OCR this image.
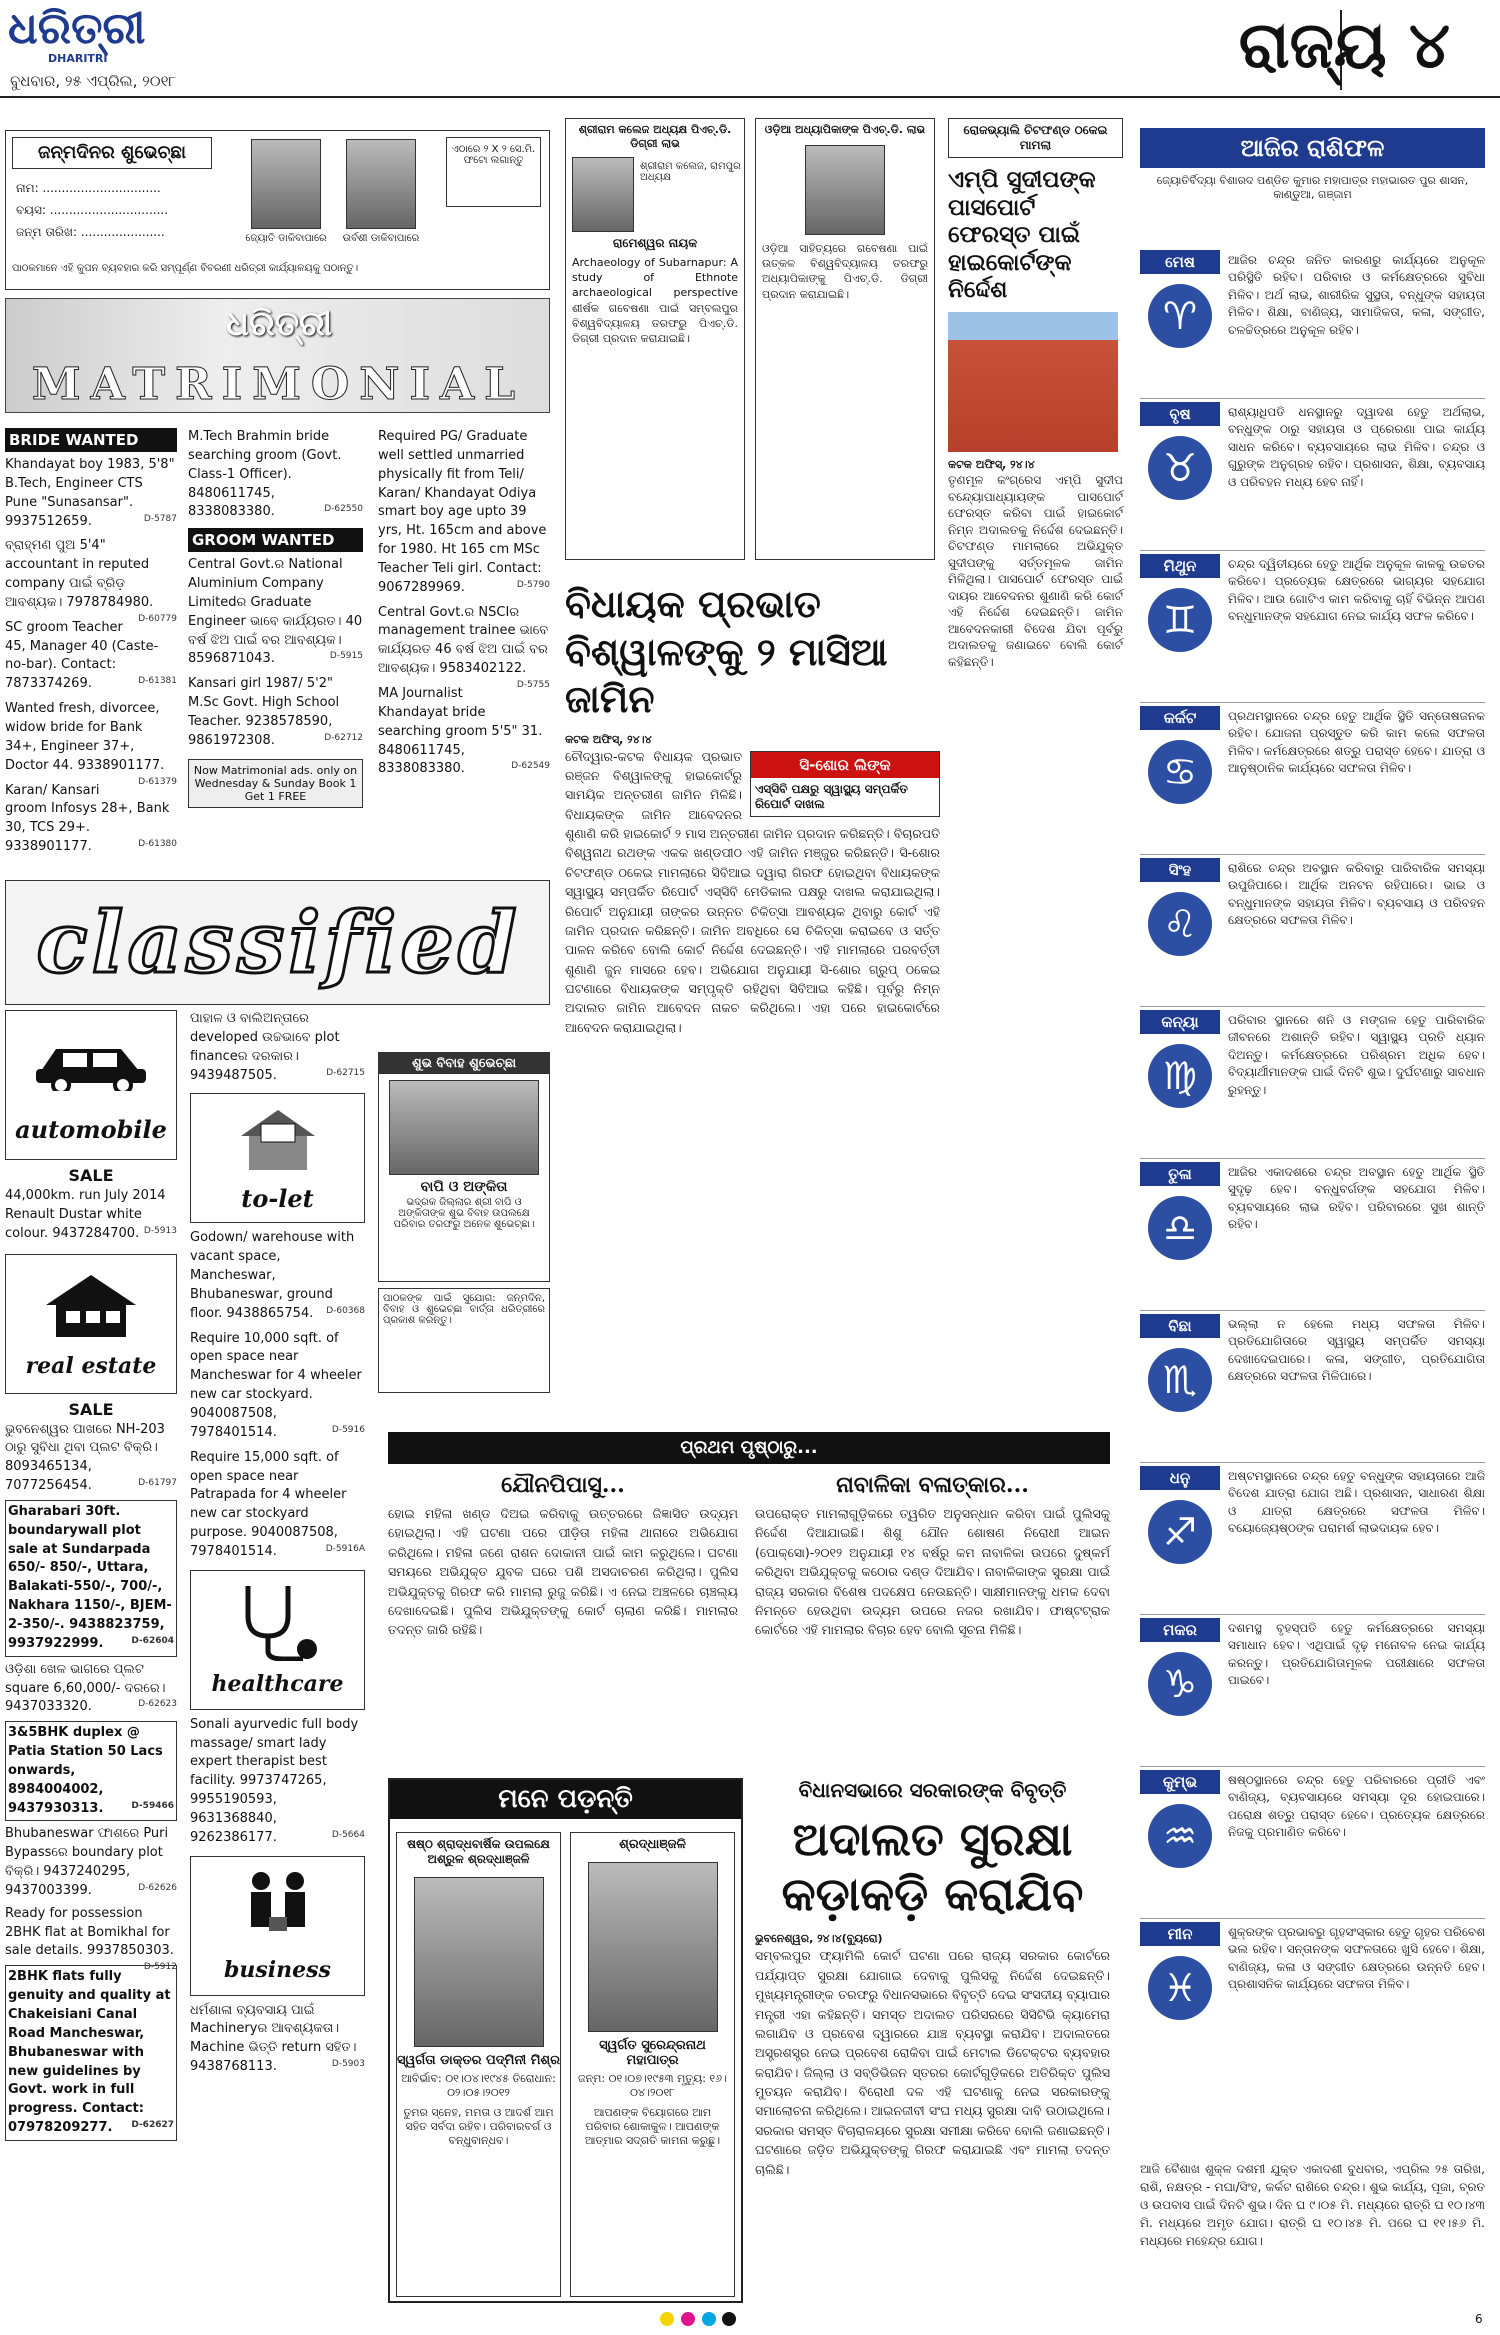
ଧରିତ୍ରୀ
DHARITRI
ବୁଧବାର, ୨୫ ଏପ୍ରିଲ, ୨୦୧୮	ରାଜ୍ୟ ୪
ଜନ୍ମଦିନର ଶୁଭେଚ୍ଛା
ନାମ: ...............................
ବୟସ: ...............................
ଜନ୍ମ ତାରିଖ: ......................	ଜ୍ୟୋତି ଡାକିବାପାରେ	ଉର୍ବଶୀ ଡାକିବାପାରେ
ଏଠାରେ ୨ X ୨ ସେ.ମି. ଫଟୋ ଲଗାନ୍ତୁ
ପାଠକମାନେ ଏହି କୁପନ ବ୍ୟବହାର କରି ସମ୍ପୂର୍ଣ୍ଣ ବିବରଣୀ ଧରିତ୍ରୀ କାର୍ଯ୍ୟାଳୟକୁ ପଠାନ୍ତୁ।
ଧରିତ୍ରୀ
MATRIMONIAL
BRIDE WANTED
Khandayat boy 1983, 5'8" B.Tech, Engineer CTS Pune "Sunasansar". 9937512659.	D-5787
ବ୍ରାହ୍ମଣ ପୁଅ 5'4" accountant in reputed company ପାଇଁ ବ୍ରିଡ଼ ଆବଶ୍ୟକ। 7978784980.
D-60779
SC groom Teacher 45, Manager 40 (Caste-no-bar). Contact: 7873374269.	D-61381
Wanted fresh, divorcee, widow bride for Bank 34+, Engineer 37+, Doctor 44. 9338901177.
D-61379
Karan/ Kansari groom Infosys 28+, Bank 30, TCS 29+. 9338901177.	D-61380
M.Tech Brahmin bride searching groom (Govt. Class-1 Officer). 8480611745, 8338083380.	D-62550
GROOM WANTED
Central Govt.ର National Aluminium Company Limitedର Graduate Engineer ଭାବେ କାର୍ଯ୍ୟରତ। 40 ବର୍ଷ ଝିଅ ପାଇଁ ବର ଆବଶ୍ୟକ। 8596871043.	D-5915
Kansari girl 1987/ 5'2" M.Sc Govt. High School Teacher. 9238578590, 9861972308.	D-62712
Now Matrimonial ads. only on Wednesday & Sunday Book 1 Get 1 FREE
Required PG/ Graduate well settled unmarried physically fit from Teli/ Karan/ Khandayat Odiya smart boy age upto 39 yrs, Ht. 165cm and above for 1980. Ht 165 cm MSc Teacher Teli girl. Contact: 9067289969.	D-5790
Central Govt.ର NSCIର management trainee ଭାବେ କାର୍ଯ୍ୟରତ 46 ବର୍ଷ ଝିଅ ପାଇଁ ବର ଆବଶ୍ୟକ। 9583402122.
D-5755
MA Journalist Khandayat bride searching groom 5'5" 31. 8480611745, 8338083380.	D-62549
classified
automobile
SALE
44,000km. run July 2014 Renault Dustar white colour. 9437284700. D-5913
real estate
SALE
ଭୁବନେଶ୍ୱର ପାଖରେ NH-203 ଠାରୁ ସୁବିଧା ଥିବା ପ୍ଲଟ ବିକ୍ରି। 8093465134, 7077256454.	D-61797
Gharabari 30ft. boundarywall plot sale at Sundarpada 650/- 850/-, Uttara, Balakati-550/-, 700/-, Nakhara 1150/-, BJEM-2-350/-. 9438823759, 9937922999.	D-62604
ଓଡ଼ିଶା ଖେଳ ଭାଗରେ ପ୍ଲଟ square 6,60,000/- ଦରରେ। 9437033320.	D-62623
3&5BHK duplex @ Patia Station 50 Lacs onwards, 8984004002, 9437930313.	D-59466
Bhubaneswar ଫାଶରେ Puri Bypassରେ boundary plot ବିକ୍ରି। 9437240295, 9437003399.	D-62626
Ready for possession 2BHK flat at Bomikhal for sale details. 9937850303.
D-5912
2BHK flats fully genuity and quality at Chakeisiani Canal Road Mancheswar, Bhubaneswar with new guidelines by Govt. work in full progress. Contact: 07978209277. D-62627
ପାହାଳ ଓ ବାଲିଅନ୍ତାରେ developed ଉଚ୍ଚଭାବେ plot financeର ଦରକାର। 9439487505.	D-62715
to-let
Godown/ warehouse with vacant space, Mancheswar, Bhubaneswar, ground floor. 9438865754. D-60368
Require 10,000 sqft. of open space near Mancheswar for 4 wheeler new car stockyard. 9040087508, 7978401514.	D-5916
Require 15,000 sqft. of open space near Patrapada for 4 wheeler new car stockyard purpose. 9040087508, 7978401514.	D-5916A
healthcare
Sonali ayurvedic full body massage/ smart lady expert therapist best facility. 9973747265, 9955190593, 9631368840, 9262386177.	D-5664
business
ଧର୍ମଶାଳା ବ୍ୟବସାୟ ପାଇଁ Machineryର ଆବଶ୍ୟକତା। Machine ଭିତ୍ତି return ସହିତ। 9438768113.	D-5903
ଶୁଭ ବିବାହ ଶୁଭେଚ୍ଛା
ବାପି ଓ ଅଙ୍କିତା
ଭଦ୍ରକ ଜିଲ୍ଲାର ଶ୍ରୀ ବାପି ଓ ଅଙ୍କିତାଙ୍କ ଶୁଭ ବିବାହ ଉପଲକ୍ଷେ ପରିବାର ତରଫରୁ ଅନେକ ଶୁଭେଚ୍ଛା।
ପାଠକଙ୍କ ପାଇଁ ସୁଯୋଗ: ଜନ୍ମଦିନ, ବିବାହ ଓ ଶୁଭେଚ୍ଛା ବାର୍ତ୍ତା ଧରିତ୍ରୀରେ ପ୍ରକାଶ କରନ୍ତୁ।
ଶ୍ରୀରାମ କଲେଜ ଅଧ୍ୟକ୍ଷ ପିଏଚ୍.ଡି. ଡିଗ୍ରୀ ଲାଭ
ଶ୍ରୀରାମ କଲେଜ, ରାମପୁର ଅଧ୍ୟକ୍ଷ
ରାମେଶ୍ୱର ନାୟକ
Archaeology of Subarnapur: A study of Ethnote archaeological perspective ଶୀର୍ଷକ ଗବେଷଣା ପାଇଁ ସମ୍ବଲପୁର ବିଶ୍ୱବିଦ୍ୟାଳୟ ତରଫରୁ ପିଏଚ୍.ଡି. ଡିଗ୍ରୀ ପ୍ରଦାନ କରାଯାଇଛି।
ଓଡ଼ିଆ ଅଧ୍ୟାପିକାଙ୍କ ପିଏଚ୍.ଡି. ଲାଭ
ଓଡ଼ିଆ ସାହିତ୍ୟରେ ଗବେଷଣା ପାଇଁ ଉତ୍କଳ ବିଶ୍ୱବିଦ୍ୟାଳୟ ତରଫରୁ ଅଧ୍ୟାପିକାଙ୍କୁ ପିଏଚ୍.ଡି. ଡିଗ୍ରୀ ପ୍ରଦାନ କରାଯାଇଛି।
ରୋଜଭ୍ୟାଲି ଚିଟଫଣ୍ଡ ଠକେଇ ମାମଲା
ଏମ୍‌ପି ସୁଦୀପଙ୍କ ପାସପୋର୍ଟ ଫେରସ୍ତ ପାଇଁ ହାଇକୋର୍ଟଙ୍କ ନିର୍ଦ୍ଦେଶ
କଟକ ଅଫିସ୍, ୨୪।୪
ତୃଣମୂଳ କଂଗ୍ରେସ ଏମ୍‌ପି ସୁଦୀପ ବନ୍ଦ୍ୟୋପାଧ୍ୟାୟଙ୍କ ପାସପୋର୍ଟ ଫେରସ୍ତ କରିବା ପାଇଁ ହାଇକୋର୍ଟ ନିମ୍ନ ଅଦାଲତକୁ ନିର୍ଦ୍ଦେଶ ଦେଇଛନ୍ତି। ଚିଟଫଣ୍ଡ ମାମଲାରେ ଅଭିଯୁକ୍ତ ସୁଦୀପଙ୍କୁ ସର୍ତ୍ତମୂଳକ ଜାମିନ ମିଳିଥିଲା। ପାସପୋର୍ଟ ଫେରସ୍ତ ପାଇଁ ଦାୟର ଆବେଦନର ଶୁଣାଣି କରି କୋର୍ଟ ଏହି ନିର୍ଦ୍ଦେଶ ଦେଇଛନ୍ତି। ଜାମିନ ଆବେଦନକାରୀ ବିଦେଶ ଯିବା ପୂର୍ବରୁ ଅଦାଲତକୁ ଜଣାଇବେ ବୋଲି କୋର୍ଟ କହିଛନ୍ତି।
ବିଧାୟକ ପ୍ରଭାତ ବିଶ୍ୱାଳଙ୍କୁ ୨ ମାସିଆ ଜାମିନ
କଟକ ଅଫିସ୍, ୨୪।୪
ସି-ଶୋର ଲିଙ୍କ
ଏସ୍‌ସିବି ପକ୍ଷରୁ ସ୍ୱାସ୍ଥ୍ୟ ସମ୍ପର୍କିତ ରିପୋର୍ଟ ଦାଖଲ
ଚୌଦ୍ୱାର-କଟକ ବିଧାୟକ ପ୍ରଭାତ ରଞ୍ଜନ ବିଶ୍ୱାଳଙ୍କୁ ହାଇକୋର୍ଟରୁ ସାମୟିକ ଅନ୍ତରୀଣ ଜାମିନ ମିଳିଛି। ବିଧାୟକଙ୍କ ଜାମିନ ଆବେଦନର ଶୁଣାଣି କରି ହାଇକୋର୍ଟ ୨ ମାସ ଅନ୍ତରୀଣ ଜାମିନ ପ୍ରଦାନ କରିଛନ୍ତି। ବିଚାରପତି ବିଶ୍ୱନାଥ ରଥଙ୍କ ଏକକ ଖଣ୍ଡପୀଠ ଏହି ଜାମିନ ମଞ୍ଜୁର କରିଛନ୍ତି। ସି-ଶୋର ଚିଟଫଣ୍ଡ ଠକେଇ ମାମଲାରେ ସିବିଆଇ ଦ୍ୱାରା ଗିରଫ ହୋଇଥିବା ବିଧାୟକଙ୍କ ସ୍ୱାସ୍ଥ୍ୟ ସମ୍ପର୍କିତ ରିପୋର୍ଟ ଏସ୍‌ସିବି ମେଡିକାଲ ପକ୍ଷରୁ ଦାଖଲ କରାଯାଇଥିଲା। ରିପୋର୍ଟ ଅନୁଯାୟୀ ତାଙ୍କର ଉନ୍ନତ ଚିକିତ୍ସା ଆବଶ୍ୟକ ଥିବାରୁ କୋର୍ଟ ଏହି ଜାମିନ ପ୍ରଦାନ କରିଛନ୍ତି। ଜାମିନ ଅବଧିରେ ସେ ଚିକିତ୍ସା କରାଇବେ ଓ ସର୍ତ୍ତ ପାଳନ କରିବେ ବୋଲି କୋର୍ଟ ନିର୍ଦ୍ଦେଶ ଦେଇଛନ୍ତି। ଏହି ମାମଲାରେ ପରବର୍ତ୍ତୀ ଶୁଣାଣି ଜୁନ ମାସରେ ହେବ। ଅଭିଯୋଗ ଅନୁଯାୟୀ ସି-ଶୋର ଗ୍ରୁପ୍ ଠକେଇ ଘଟଣାରେ ବିଧାୟକଙ୍କ ସମ୍ପୃକ୍ତି ରହିଥିବା ସିବିଆଇ କହିଛି। ପୂର୍ବରୁ ନିମ୍ନ ଅଦାଲତ ଜାମିନ ଆବେଦନ ନାକଚ କରିଥିଲେ। ଏହା ପରେ ହାଇକୋର୍ଟରେ ଆବେଦନ କରାଯାଇଥିଲା।
ପ୍ରଥମ ପୃଷ୍ଠାରୁ...
ଯୌନପିପାସୁ...
ହୋଇ ମହିଳା ଖଣ୍ଡ ଦିଅଇ କରିବାକୁ ଉତ୍ତରରେ ଜିଜ୍ଞାସିତ ଉଦ୍ୟମ ହୋଇଥିଲା। ଏହି ଘଟଣା ପରେ ପୀଡ଼ିତା ମହିଳା ଥାନାରେ ଅଭିଯୋଗ କରିଥିଲେ। ମହିଳା ଜଣେ ରାଶନ ଦୋକାନୀ ପାଇଁ କାମ କରୁଥିଲେ। ଘଟଣା ସମୟରେ ଅଭିଯୁକ୍ତ ଯୁବକ ଘରେ ପଶି ଅସଦାଚରଣ କରିଥିଲା। ପୁଲିସ ଅଭିଯୁକ୍ତକୁ ଗିରଫ କରି ମାମଲା ରୁଜୁ କରିଛି। ଏ ନେଇ ଅଞ୍ଚଳରେ ଚାଞ୍ଚଲ୍ୟ ଦେଖାଦେଇଛି। ପୁଲିସ ଅଭିଯୁକ୍ତଙ୍କୁ କୋର୍ଟ ଚାଲାଣ କରିଛି। ମାମଲାର ତଦନ୍ତ ଜାରି ରହିଛି।
ନାବାଳିକା ବଳାତ୍କାର...
ଉପରୋକ୍ତ ମାମଲାଗୁଡ଼ିକରେ ତ୍ୱରିତ ଅନୁସନ୍ଧାନ କରିବା ପାଇଁ ପୁଲିସକୁ ନିର୍ଦ୍ଦେଶ ଦିଆଯାଇଛି। ଶିଶୁ ଯୌନ ଶୋଷଣ ନିରୋଧୀ ଆଇନ (ପୋକ୍‌ସୋ)-୨୦୧୨ ଅନୁଯାୟୀ ୧୪ ବର୍ଷରୁ କମ ନାବାଳିକା ଉପରେ ଦୁଷ୍କର୍ମ କରିଥିବା ଅଭିଯୁକ୍ତକୁ କଠୋର ଦଣ୍ଡ ଦିଆଯିବ। ନାବାଳିକାଙ୍କ ସୁରକ୍ଷା ପାଇଁ ରାଜ୍ୟ ସରକାର ବିଶେଷ ପଦକ୍ଷେପ ନେଉଛନ୍ତି। ସାକ୍ଷୀମାନଙ୍କୁ ଧମକ ଦେବା ନିମନ୍ତେ ହେଉଥିବା ଉଦ୍ୟମ ଉପରେ ନଜର ରଖାଯିବ। ଫାଷ୍ଟଟ୍ରାକ କୋର୍ଟରେ ଏହି ମାମଲାର ବିଚାର ହେବ ବୋଲି ସୂଚନା ମିଳିଛି।
ମନେ ପଡ଼ନ୍ତି
ଷଷ୍ଠ ଶ୍ରାଦ୍ଧବାର୍ଷିକ ଉପଲକ୍ଷେ ଅଶ୍ରୁଳ ଶ୍ରଦ୍ଧାଞ୍ଜଳି
ସ୍ୱର୍ଗତା ଡାକ୍ତର ପଦ୍ମିନୀ ମିଶ୍ର
ଆବିର୍ଭାବ: ୦୧।୦୪।୧୯୪୫ ତିରୋଧାନ: ୦୨।୦୫।୨୦୧୨
ତୁମର ସ୍ନେହ, ମମତା ଓ ଆଦର୍ଶ ଆମ ସହିତ ସର୍ବଦା ରହିବ। ପରିବାରବର୍ଗ ଓ ବନ୍ଧୁବାନ୍ଧବ।
ଶ୍ରଦ୍ଧାଞ୍ଜଳି
ସ୍ୱର୍ଗତ ସୁରେନ୍ଦ୍ରନାଥ ମହାପାତ୍ର
ଜନ୍ମ: ୦୧।୦୭।୧୯୫୩ ମୃତ୍ୟୁ: ୧୬।୦୪।୨୦୧୮
ଆପଣଙ୍କ ବିୟୋଗରେ ଆମ ପରିବାର ଶୋକାକୁଳ। ଆପଣଙ୍କ ଆତ୍ମାର ସଦ୍‌ଗତି କାମନା କରୁଛୁ।
ବିଧାନସଭାରେ ସରକାରଙ୍କ ବିବୃତ୍ତି
ଅଦାଲତ ସୁରକ୍ଷା କଡ଼ାକଡ଼ି କରାଯିବ
ଭୁବନେଶ୍ୱର, ୨୪।୪(ବ୍ୟୁରୋ)
ସମ୍ବଲପୁର ଫ୍ୟାମିଲି କୋର୍ଟ ଘଟଣା ପରେ ରାଜ୍ୟ ସରକାର କୋର୍ଟରେ ପର୍ଯ୍ୟାପ୍ତ ସୁରକ୍ଷା ଯୋଗାଇ ଦେବାକୁ ପୁଲିସକୁ ନିର୍ଦ୍ଦେଶ ଦେଇଛନ୍ତି। ମୁଖ୍ୟମନ୍ତ୍ରୀଙ୍କ ତରଫରୁ ବିଧାନସଭାରେ ବିବୃତ୍ତି ଦେଇ ସଂସଦୀୟ ବ୍ୟାପାର ମନ୍ତ୍ରୀ ଏହା କହିଛନ୍ତି। ସମସ୍ତ ଅଦାଲତ ପରିସରରେ ସିସିଟିଭି କ୍ୟାମେରା ଲଗାଯିବ ଓ ପ୍ରବେଶ ଦ୍ୱାରରେ ଯାଞ୍ଚ ବ୍ୟବସ୍ଥା କରାଯିବ। ଅଦାଲତରେ ଅସ୍ତ୍ରଶସ୍ତ୍ର ନେଇ ପ୍ରବେଶ ରୋକିବା ପାଇଁ ମେଟାଲ ଡିଟେକ୍ଟର ବ୍ୟବହାର କରାଯିବ। ଜିଲ୍ଲା ଓ ସବ୍‌ଡିଭିଜନ ସ୍ତରର କୋର୍ଟଗୁଡ଼ିକରେ ଅତିରିକ୍ତ ପୁଲିସ ମୁତୟନ କରାଯିବ। ବିରୋଧୀ ଦଳ ଏହି ଘଟଣାକୁ ନେଇ ସରକାରଙ୍କୁ ସମାଲୋଚନା କରିଥିଲେ। ଆଇନଜୀବୀ ସଂଘ ମଧ୍ୟ ସୁରକ୍ଷା ଦାବି ଉଠାଇଥିଲେ। ସରକାର ସମସ୍ତ ବିଚାରାଳୟରେ ସୁରକ୍ଷା ସମୀକ୍ଷା କରିବେ ବୋଲି ଜଣାଇଛନ୍ତି। ଘଟଣାରେ ଜଡ଼ିତ ଅଭିଯୁକ୍ତଙ୍କୁ ଗିରଫ କରାଯାଇଛି ଏବଂ ମାମଲା ତଦନ୍ତ ଚାଲିଛି।
ଆଜିର ରାଶିଫଳ
ଜ୍ୟୋତିର୍ବିଦ୍ୟା ବିଶାରଦ ପଣ୍ଡିତ କୁମାର ମହାପାତ୍ର ମହାଭାରତ ପୁର ଶାସନ, କାଣ୍ଡୁଆ, ଗଞ୍ଜାମ
ମେଷ
♈
ଆଜିର ଚନ୍ଦ୍ର ଜନିତ କାରଣରୁ କାର୍ଯ୍ୟରେ ଅନୁକୂଳ ପରିସ୍ଥିତି ରହିବ। ପରିବାର ଓ କର୍ମକ୍ଷେତ୍ରରେ ସୁବିଧା ମିଳିବ। ଅର୍ଥ ଲାଭ, ଶାରୀରିକ ସୁସ୍ଥତା, ବନ୍ଧୁଙ୍କ ସହାୟତା ମିଳିବ। ଶିକ୍ଷା, ବାଣିଜ୍ୟ, ସାମାଜିକତା, କଳା, ସଙ୍ଗୀତ, ଚଳଚ୍ଚିତ୍ରରେ ଅନୁକୂଳ ରହିବ।
ବୃଷ
♉
ରାଶ୍ୟାଧିପତି ଧନସ୍ଥାନରୁ ଦ୍ୱାଦଶ ହେତୁ ଅର୍ଥଲାଭ, ବନ୍ଧୁଙ୍କ ଠାରୁ ସହାୟତା ଓ ପ୍ରେରଣା ପାଇ କାର୍ଯ୍ୟ ସାଧନ କରିବେ। ବ୍ୟବସାୟରେ ଲାଭ ମିଳିବ। ଚନ୍ଦ୍ର ଓ ଗୁରୁଙ୍କ ଅନୁଗ୍ରହ ରହିବ। ପ୍ରଶାସନ, ଶିକ୍ଷା, ବ୍ୟବସାୟ ଓ ପରିବହନ ମଧ୍ୟ ହେବ ନାହିଁ।
ମିଥୁନ
♊
ଚନ୍ଦ୍ର ଦ୍ୱିତୀୟରେ ହେତୁ ଆର୍ଥିକ ଅନୁକୂଳ କାଳକୁ ଉଚ୍ଚତର କରିବେ। ପ୍ରତ୍ୟେକ କ୍ଷେତ୍ରରେ ଭାଗ୍ୟର ସହଯୋଗ ମିଳିବ। ଆଉ ଗୋଟିଏ କାମ କରିବାକୁ ଚାହିଁ ବିଭିନ୍ନ ଆପଣ ବନ୍ଧୁମାନଙ୍କ ସହଯୋଗ ନେଇ କାର୍ଯ୍ୟ ସଫଳ କରିବେ।
କର୍କଟ
♋
ପ୍ରଥମସ୍ଥାନରେ ଚନ୍ଦ୍ର ହେତୁ ଆର୍ଥିକ ସ୍ଥିତି ସନ୍ତୋଷଜନକ ରହିବ। ଯୋଜନା ପ୍ରସ୍ତୁତ କରି କାମ କଲେ ସଫଳତା ମିଳିବ। କର୍ମକ୍ଷେତ୍ରରେ ଶତ୍ରୁ ପରାସ୍ତ ହେବେ। ଯାତ୍ରା ଓ ଆନୁଷ୍ଠାନିକ କାର୍ଯ୍ୟରେ ସଫଳତା ମିଳିବ।
ସିଂହ
♌
ରାଶିରେ ଚନ୍ଦ୍ର ଅବସ୍ଥାନ କରିବାରୁ ପାରିବାରିକ ସମସ୍ୟା ଉପୁଜିପାରେ। ଆର୍ଥିକ ଅନଟନ ରହିପାରେ। ଭାଇ ଓ ବନ୍ଧୁମାନଙ୍କ ସହାୟତା ମିଳିବ। ବ୍ୟବସାୟ ଓ ପରିବହନ କ୍ଷେତ୍ରରେ ସଫଳତା ମିଳିବ।
କନ୍ୟା
♍
ପରିବାର ସ୍ଥାନରେ ଶନି ଓ ମଙ୍ଗଳ ହେତୁ ପାରିବାରିକ ଜୀବନରେ ଅଶାନ୍ତି ରହିବ। ସ୍ୱାସ୍ଥ୍ୟ ପ୍ରତି ଧ୍ୟାନ ଦିଅନ୍ତୁ। କର୍ମକ୍ଷେତ୍ରରେ ପରିଶ୍ରମ ଅଧିକ ହେବ। ବିଦ୍ୟାର୍ଥୀମାନଙ୍କ ପାଇଁ ଦିନଟି ଶୁଭ। ଦୁର୍ଘଟଣାରୁ ସାବଧାନ ରୁହନ୍ତୁ।
ତୁଳା
♎
ଆଜିର ଏକାଦଶରେ ଚନ୍ଦ୍ର ଅବସ୍ଥାନ ହେତୁ ଆର୍ଥିକ ସ୍ଥିତି ସୁଦୃଢ଼ ହେବ। ବନ୍ଧୁବର୍ଗଙ୍କ ସହଯୋଗ ମିଳିବ। ବ୍ୟବସାୟରେ ଲାଭ ରହିବ। ପରିବାରରେ ସୁଖ ଶାନ୍ତି ରହିବ।
ବିଛା
♏
ଭଲ୍ଲା ନ ହେଲେ ମଧ୍ୟ ସଫଳତା ମିଳିବ। ପ୍ରତିଯୋଗିତାରେ ସ୍ୱାସ୍ଥ୍ୟ ସମ୍ପର୍କିତ ସମସ୍ୟା ଦେଖାଦେଇପାରେ। କଳା, ସଙ୍ଗୀତ, ପ୍ରତିଯୋଗିତା କ୍ଷେତ୍ରରେ ସଫଳତା ମିଳିପାରେ।
ଧନୁ
♐
ଅଷ୍ଟମସ୍ଥାନରେ ଚନ୍ଦ୍ର ହେତୁ ବନ୍ଧୁଙ୍କ ସହାୟତାରେ ଆଜି ବିଦେଶ ଯାତ୍ରା ଯୋଗ ଅଛି। ପ୍ରଶାସନ, ସାଧାରଣ ଶିକ୍ଷା ଓ ଯାତ୍ରା କ୍ଷେତ୍ରରେ ସଫଳତା ମିଳିବ। ବୟୋଜ୍ୟେଷ୍ଠଙ୍କ ପରାମର୍ଶ ଲାଭଦାୟକ ହେବ।
ମକର
♑
ଦଶମସ୍ଥ ବୃହସ୍ପତି ହେତୁ କର୍ମକ୍ଷେତ୍ରରେ ସମସ୍ୟା ସମାଧାନ ହେବ। ଏଥିପାଇଁ ଦୃଢ଼ ମନୋବଳ ନେଇ କାର୍ଯ୍ୟ କରନ୍ତୁ। ପ୍ରତିଯୋଗିତାମୂଳକ ପରୀକ୍ଷାରେ ସଫଳତା ପାଇବେ।
କୁମ୍ଭ
♒
ଷଷ୍ଠସ୍ଥାନରେ ଚନ୍ଦ୍ର ହେତୁ ପରିବାରରେ ପ୍ରୀତି ଏବଂ ବାଣିଜ୍ୟ, ବ୍ୟବସାୟରେ ସମସ୍ୟା ଦୂର ହୋଇପାରେ। ପରୋକ୍ଷ ଶତ୍ରୁ ପରାସ୍ତ ହେବେ। ପ୍ରତ୍ୟେକ କ୍ଷେତ୍ରରେ ନିଜକୁ ପ୍ରମାଣିତ କରିବେ।
ମୀନ
♓
ଶୁକ୍ରଙ୍କ ପ୍ରଭାବରୁ ଗୃହସଂସ୍କାର ହେତୁ ଗୃହର ପରିବେଶ ଭଲ ରହିବ। ସନ୍ତାନଙ୍କ ସଫଳତାରେ ଖୁସି ହେବେ। ଶିକ୍ଷା, ବାଣିଜ୍ୟ, କଳା ଓ ସଙ୍ଗୀତ କ୍ଷେତ୍ରରେ ଉନ୍ନତି ହେବ। ପ୍ରଶାସନିକ କାର୍ଯ୍ୟରେ ସଫଳତା ମିଳିବ।
ଆଜି ବୈଶାଖ ଶୁକ୍ଳ ଦଶମୀ ଯୁକ୍ତ ଏକାଦଶୀ ବୁଧବାର, ଏପ୍ରିଲ ୨୫ ତାରିଖ, ରାଶି, ନକ୍ଷତ୍ର - ମଘା/ସିଂହ, କର୍କଟ ରାଶିରେ ଚନ୍ଦ୍ର। ଶୁଭ କାର୍ଯ୍ୟ, ପୂଜା, ବ୍ରତ ଓ ଉପବାସ ପାଇଁ ଦିନଟି ଶୁଭ। ଦିନ ଘ ୯।୦୫ ମି. ମଧ୍ୟରେ ରାତ୍ରି ଘ ୧୦।୪୩ ମି. ମଧ୍ୟରେ ଅମୃତ ଯୋଗ। ରାତ୍ରି ଘ ୧୦।୪୫ ମି. ପରେ ଘ ୧୧।୫୬ ମି. ମଧ୍ୟରେ ମହେନ୍ଦ୍ର ଯୋଗ।

6
